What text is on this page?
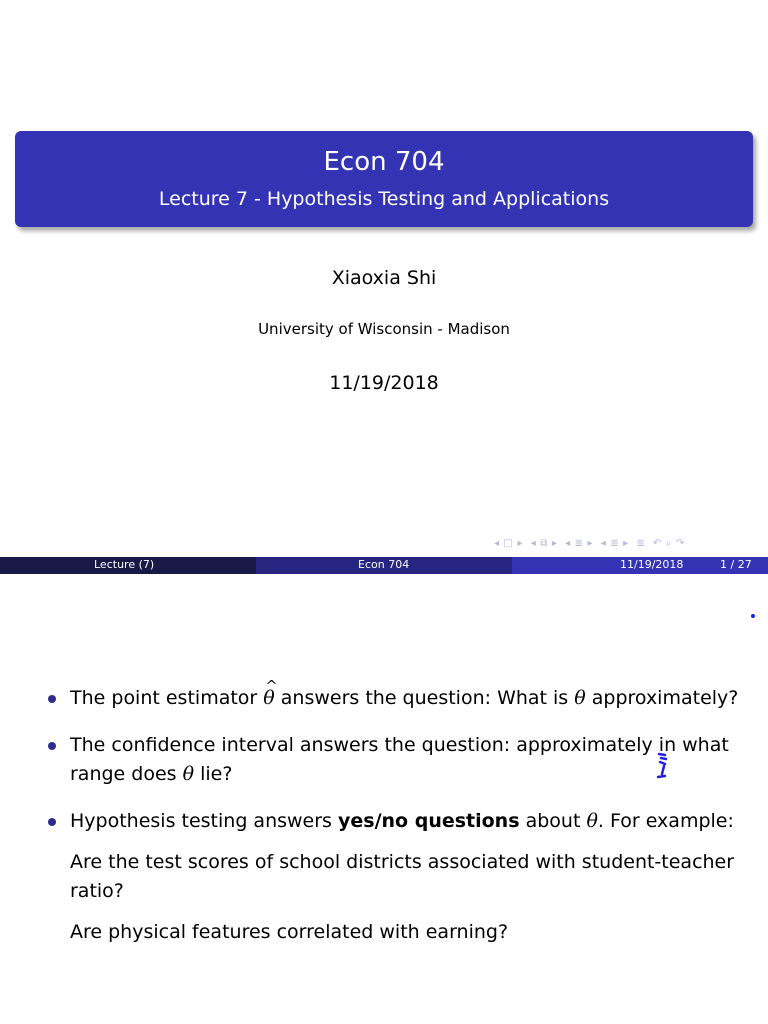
Econ 704
Lecture 7 - Hypothesis Testing and Applications
Xiaoxia Shi
University of Wisconsin - Madison
11/19/2018
◂ □ ▸ ◂ ⧉ ▸ ◂ ≣ ▸ ◂ ≣ ▸ ≣ ↶ ⌕ ↷
Lecture (7)	Econ 704	11/19/2018	1 / 27
The point estimator ^ θ answers the question: What is θ approximately?
The confidence interval answers the question: approximately in what range does θ lie?
Hypothesis testing answers yes/no questions about θ. For example:
Are the test scores of school districts associated with student-teacher ratio?
Are physical features correlated with earning?
